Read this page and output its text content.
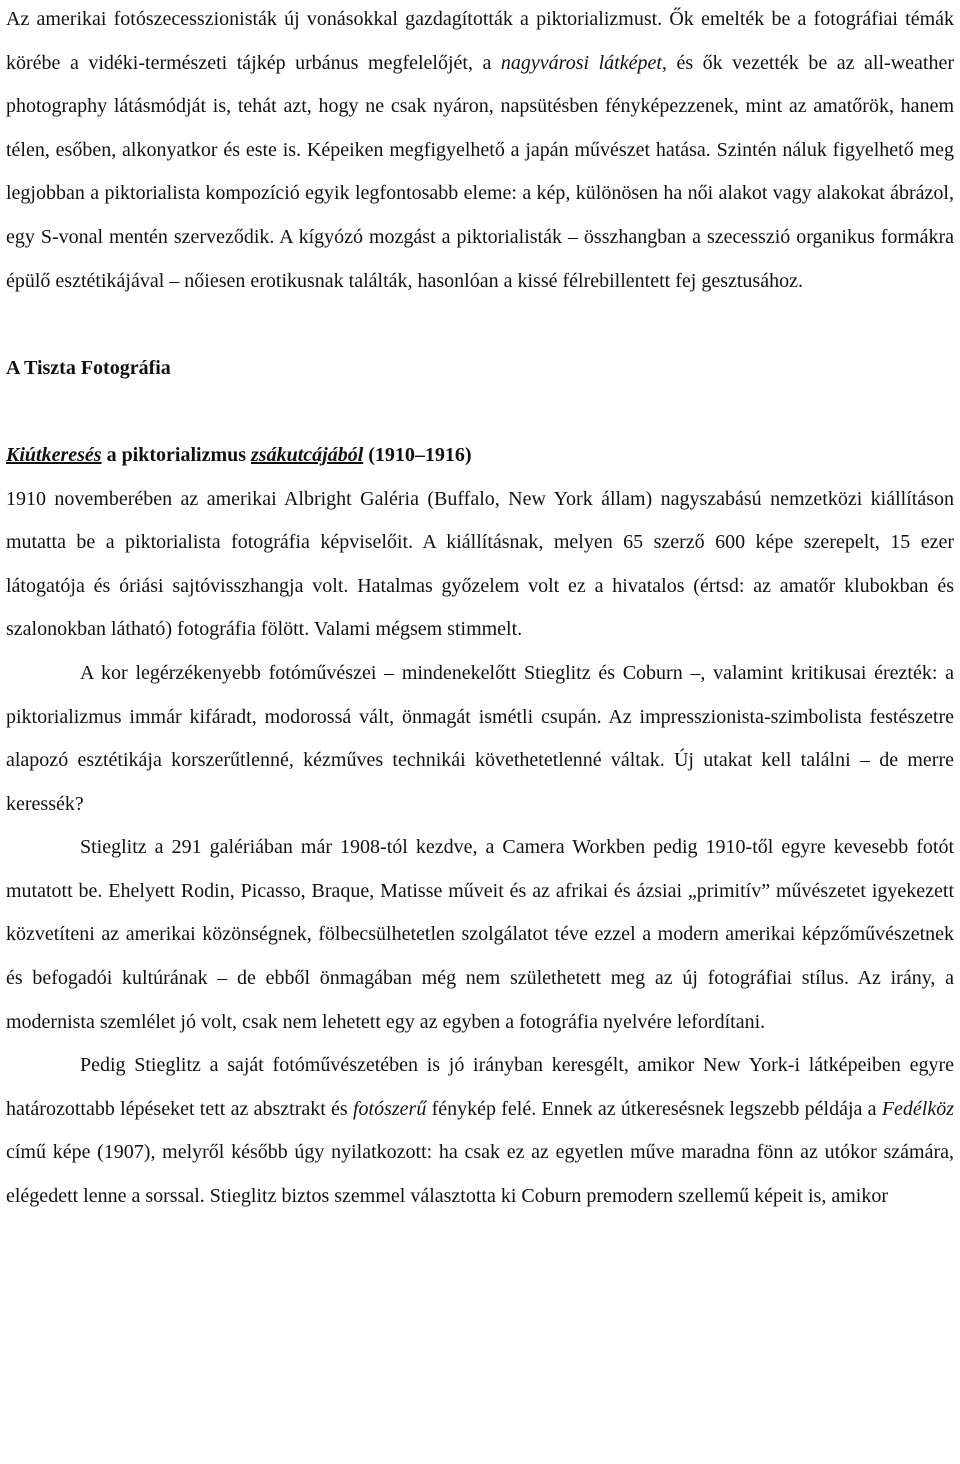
Az amerikai fotószecesszionisták új vonásokkal gazdagították a piktorializmust. Ők emelték be a fotográfiai témák körébe a vidéki-természeti tájkép urbánus megfelelőjét, a nagyvárosi látképet, és ők vezették be az all-weather photography látásmódját is, tehát azt, hogy ne csak nyáron, napsütésben fényképezzenek, mint az amatőrök, hanem télen, esőben, alkonyatkor és este is. Képeiken megfigyelhető a japán művészet hatása. Szintén náluk figyelhető meg legjobban a piktorialista kompozíció egyik legfontosabb eleme: a kép, különösen ha női alakot vagy alakokat ábrázol, egy S-vonal mentén szerveződik. A kígyózó mozgást a piktorialisták – összhangban a szecesszió organikus formákra épülő esztétikájával – nőiesen erotikusnak találták, hasonlóan a kissé félrebillentett fej gesztusához.

A Tiszta Fotográfia
Kiútkeresés a piktorializmus zsákutcájából (1910–1916)

1910 novemberében az amerikai Albright Galéria (Buffalo, New York állam) nagyszabású nemzetközi kiállításon mutatta be a piktorialista fotográfia képviselőit. A kiállításnak, melyen 65 szerző 600 képe szerepelt, 15 ezer látogatója és óriási sajtóvisszhangja volt. Hatalmas győzelem volt ez a hivatalos (értsd: az amatőr klubokban és szalonokban látható) fotográfia fölött. Valami mégsem stimmelt.

A kor legérzékenyebb fotóművészei – mindenekelőtt Stieglitz és Coburn –, valamint kritikusai érezték: a piktorializmus immár kifáradt, modorossá vált, önmagát ismétli csupán. Az impresszionista-szimbolista festészetre alapozó esztétikája korszerűtlenné, kézműves technikái követhetetlenné váltak. Új utakat kell találni – de merre keressék?

Stieglitz a 291 galériában már 1908-tól kezdve, a Camera Workben pedig 1910-től egyre kevesebb fotót mutatott be. Ehelyett Rodin, Picasso, Braque, Matisse műveit és az afrikai és ázsiai „primitív” művészetet igyekezett közvetíteni az amerikai közönségnek, fölbecsülhetetlen szolgálatot téve ezzel a modern amerikai képzőművészetnek és befogadói kultúrának – de ebből önmagában még nem születhetett meg az új fotográfiai stílus. Az irány, a modernista szemlélet jó volt, csak nem lehetett egy az egyben a fotográfia nyelvére lefordítani.

Pedig Stieglitz a saját fotóművészetében is jó irányban keresgélt, amikor New York-i látképeiben egyre határozottabb lépéseket tett az absztrakt és fotószerű fénykép felé. Ennek az útkeresésnek legszebb példája a Fedélköz című képe (1907), melyről később úgy nyilatkozott: ha csak ez az egyetlen műve maradna fönn az utókor számára, elégedett lenne a sorssal. Stieglitz biztos szemmel választotta ki Coburn premodern szellemű képeit is, amikor
